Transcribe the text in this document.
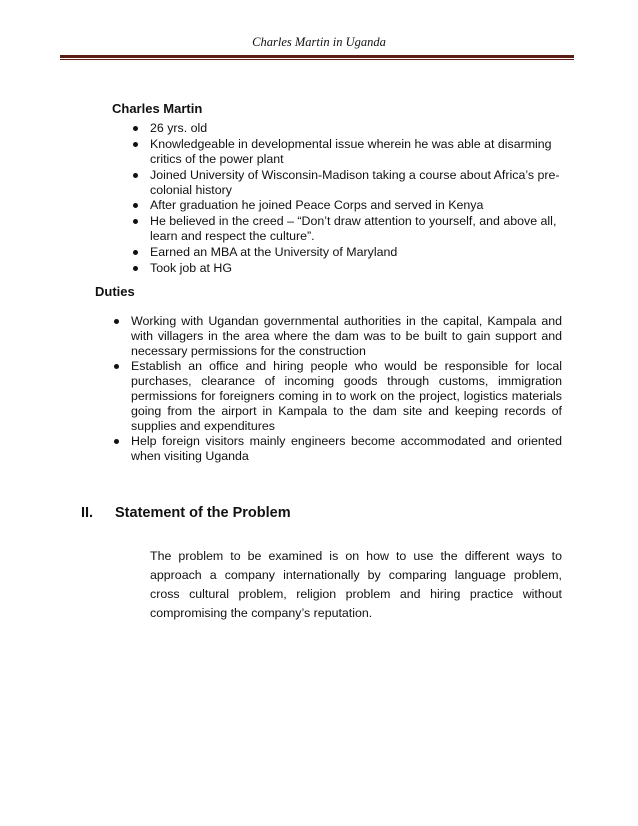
Charles Martin in Uganda
Charles Martin
26 yrs. old
Knowledgeable in developmental issue wherein he was able at disarming critics of the power plant
Joined University of Wisconsin-Madison taking a course about Africa’s pre-colonial history
After graduation he joined Peace Corps and served in Kenya
He believed in the creed – “Don’t draw attention to yourself, and above all, learn and respect the culture”.
Earned an MBA at the University of Maryland
Took job at HG
Duties
Working with Ugandan governmental authorities in the capital, Kampala and with villagers in the area where the dam was to be built to gain support and necessary permissions for the construction
Establish an office and hiring people who would be responsible for local purchases, clearance of incoming goods through customs, immigration permissions for foreigners coming in to work on the project, logistics materials going from the airport in Kampala to the dam site and keeping records of supplies and expenditures
Help foreign visitors mainly engineers become accommodated and oriented when visiting Uganda
II. Statement of the Problem

The problem to be examined is on how to use the different ways to approach a company internationally by comparing language problem, cross cultural problem, religion problem and hiring practice without compromising the company’s reputation.
